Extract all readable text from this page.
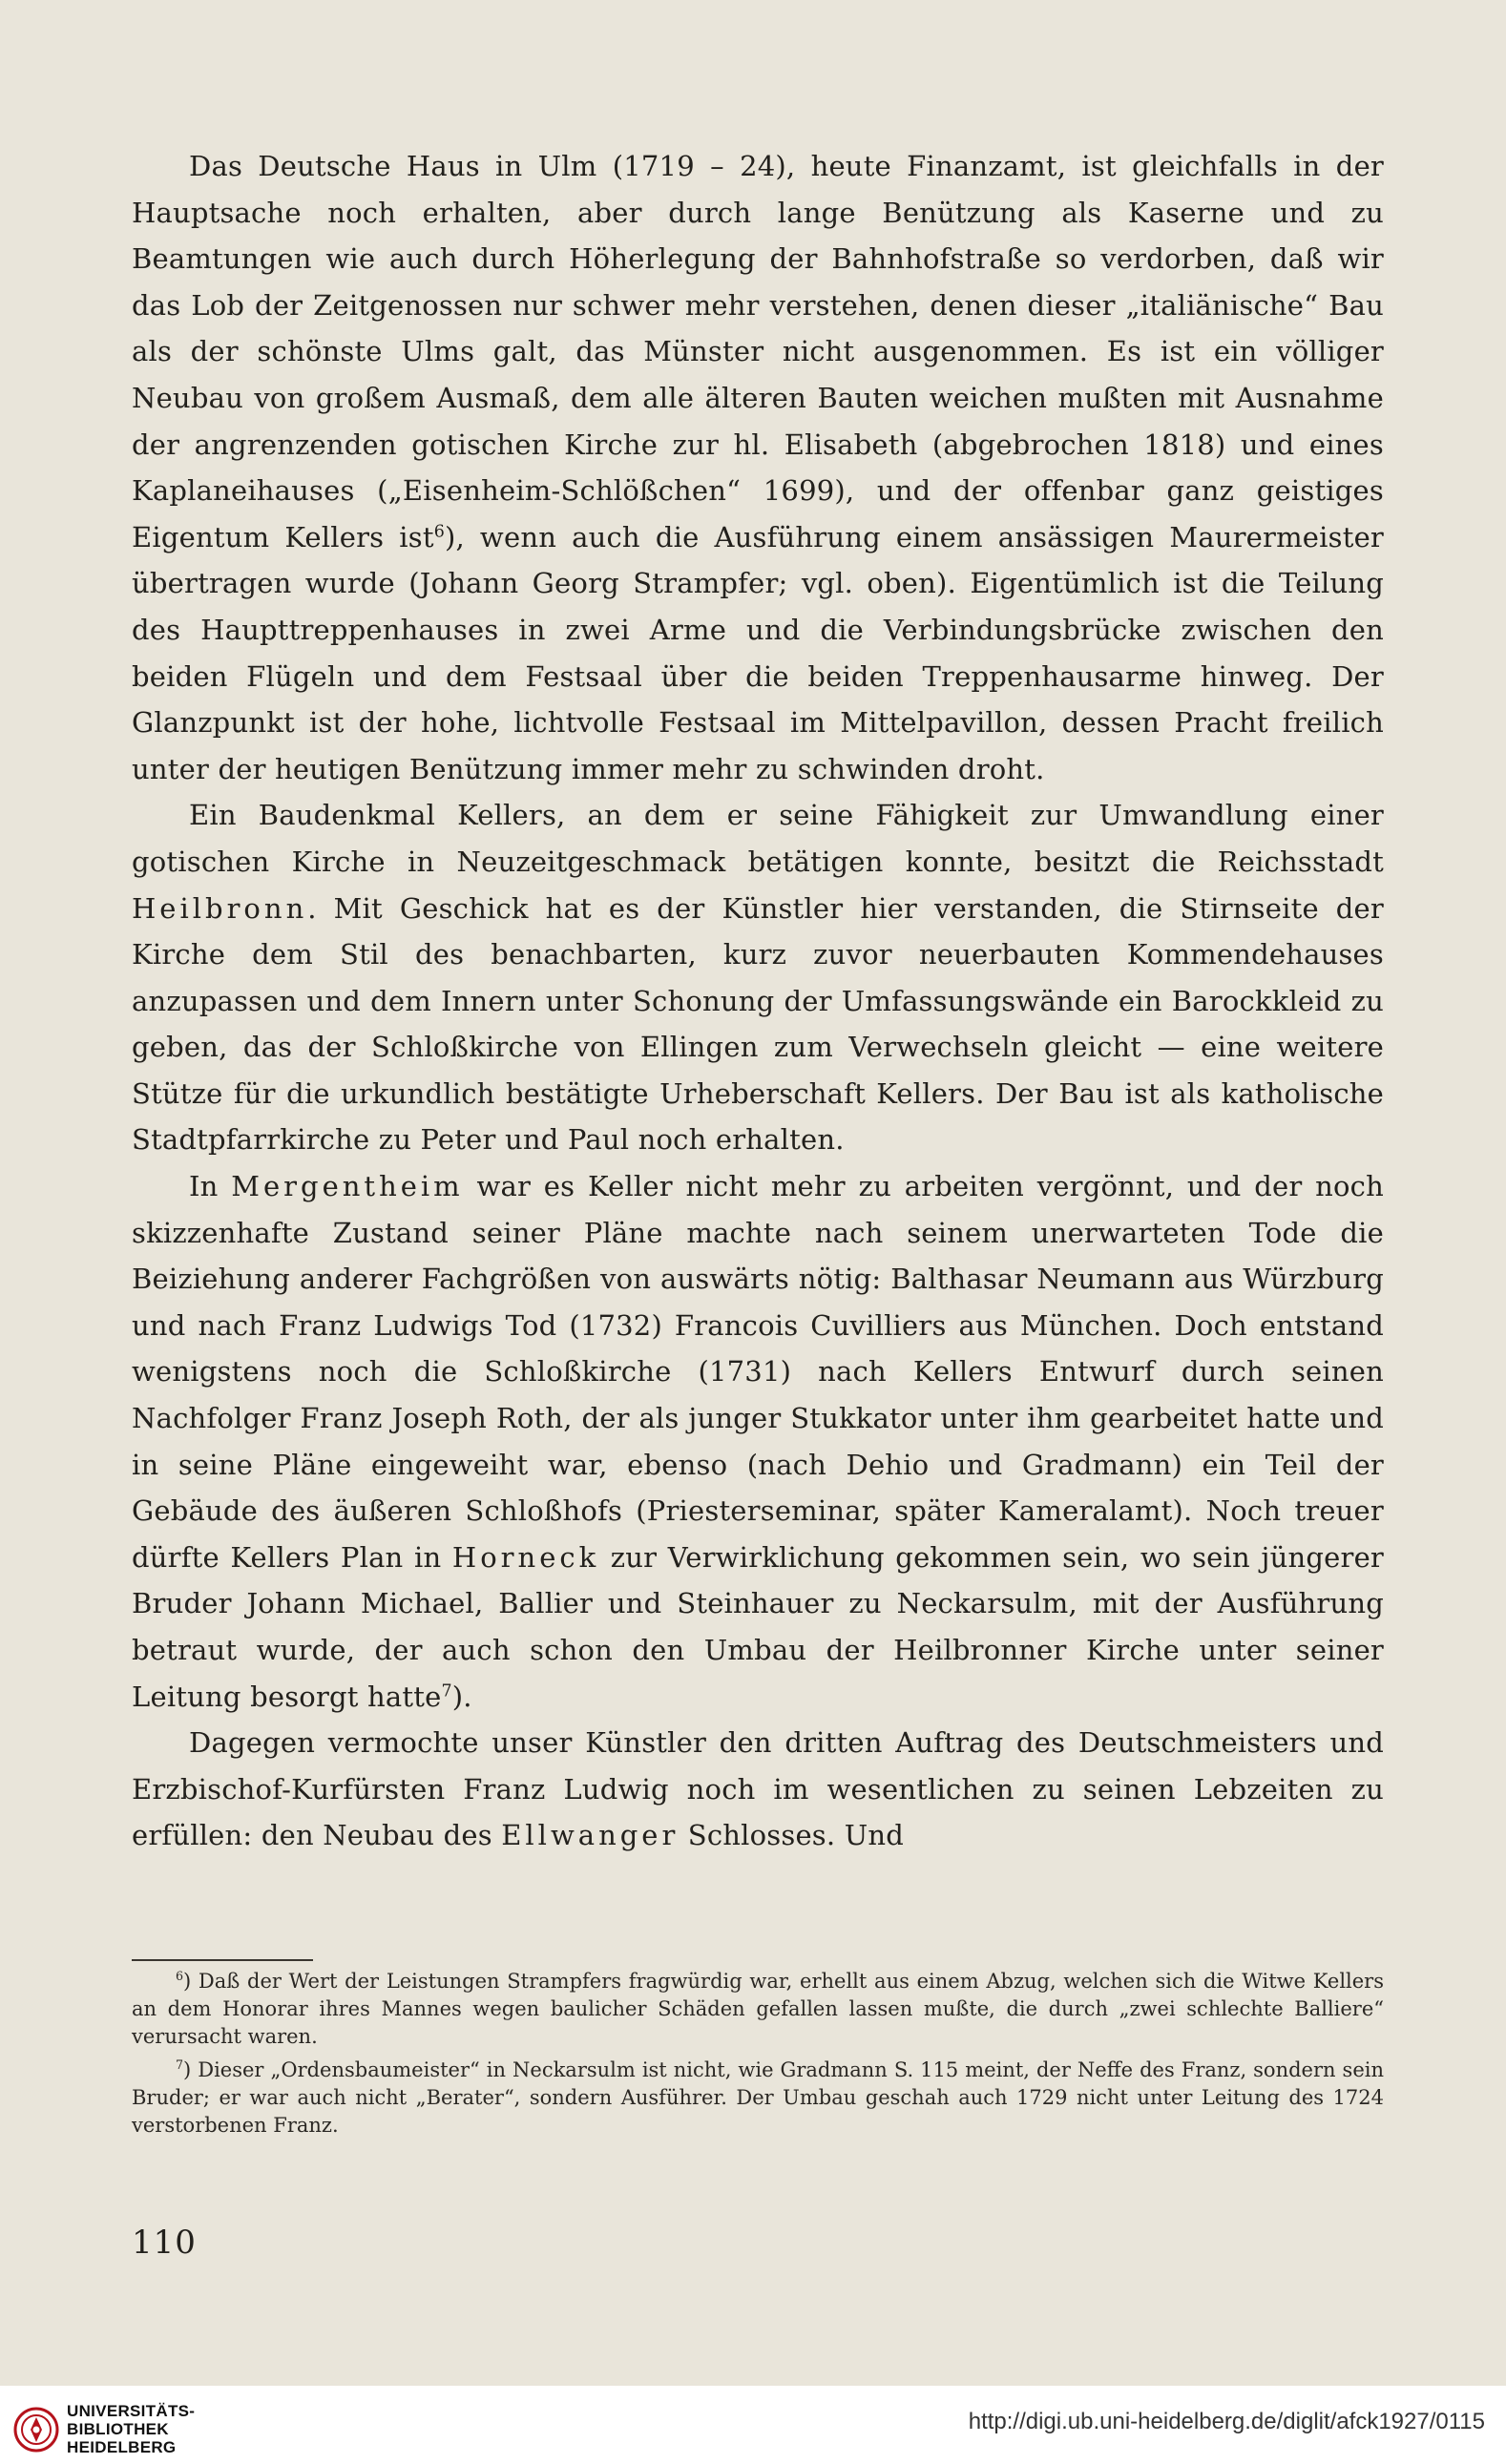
Das Deutsche Haus in Ulm (1719 – 24), heute Finanzamt, ist gleichfalls in der Hauptsache noch erhalten, aber durch lange Benützung als Kaserne und zu Beamtungen wie auch durch Höherlegung der Bahnhofstraße so verdorben, daß wir das Lob der Zeitgenossen nur schwer mehr verstehen, denen dieser „italiänische“ Bau als der schönste Ulms galt, das Münster nicht ausgenommen. Es ist ein völliger Neubau von großem Ausmaß, dem alle älteren Bauten weichen mußten mit Ausnahme der angrenzenden gotischen Kirche zur hl. Elisabeth (abgebrochen 1818) und eines Kaplaneihauses („Eisenheim-Schlößchen“ 1699), und der offenbar ganz geistiges Eigentum Kellers ist$^6$), wenn auch die Ausführung einem ansässigen Maurermeister übertragen wurde (Johann Georg Strampfer; vgl. oben). Eigentümlich ist die Teilung des Haupttreppenhauses in zwei Arme und die Verbindungsbrücke zwischen den beiden Flügeln und dem Festsaal über die beiden Treppenhausarme hinweg. Der Glanzpunkt ist der hohe, lichtvolle Festsaal im Mittelpavillon, dessen Pracht freilich unter der heutigen Benützung immer mehr zu schwinden droht.

Ein Baudenkmal Kellers, an dem er seine Fähigkeit zur Umwandlung einer gotischen Kirche in Neuzeitgeschmack betätigen konnte, besitzt die Reichsstadt Heilbronn. Mit Geschick hat es der Künstler hier verstanden, die Stirnseite der Kirche dem Stil des benachbarten, kurz zuvor neuerbauten Kommendehauses anzupassen und dem Innern unter Schonung der Umfassungswände ein Barockkleid zu geben, das der Schloßkirche von Ellingen zum Verwechseln gleicht — eine weitere Stütze für die urkundlich bestätigte Urheberschaft Kellers. Der Bau ist als katholische Stadtpfarrkirche zu Peter und Paul noch erhalten.

In Mergentheim war es Keller nicht mehr zu arbeiten vergönnt, und der noch skizzenhafte Zustand seiner Pläne machte nach seinem unerwarteten Tode die Beiziehung anderer Fachgrößen von auswärts nötig: Balthasar Neumann aus Würzburg und nach Franz Ludwigs Tod (1732) Francois Cuvilliers aus München. Doch entstand wenigstens noch die Schloßkirche (1731) nach Kellers Entwurf durch seinen Nachfolger Franz Joseph Roth, der als junger Stukkator unter ihm gearbeitet hatte und in seine Pläne eingeweiht war, ebenso (nach Dehio und Gradmann) ein Teil der Gebäude des äußeren Schloßhofs (Priesterseminar, später Kameralamt). Noch treuer dürfte Kellers Plan in Horneck zur Verwirklichung gekommen sein, wo sein jüngerer Bruder Johann Michael, Ballier und Steinhauer zu Neckarsulm, mit der Ausführung betraut wurde, der auch schon den Umbau der Heilbronner Kirche unter seiner Leitung besorgt hatte$^7$).

Dagegen vermochte unser Künstler den dritten Auftrag des Deutschmeisters und Erzbischof-Kurfürsten Franz Ludwig noch im wesentlichen zu seinen Lebzeiten zu erfüllen: den Neubau des Ellwanger Schlosses. Und

$^6$) Daß der Wert der Leistungen Strampfers fragwürdig war, erhellt aus einem Abzug, welchen sich die Witwe Kellers an dem Honorar ihres Mannes wegen baulicher Schäden gefallen lassen mußte, die durch „zwei schlechte Balliere“ verursacht waren.

$^7$) Dieser „Ordensbaumeister“ in Neckarsulm ist nicht, wie Gradmann S. 115 meint, der Neffe des Franz, sondern sein Bruder; er war auch nicht „Berater“, sondern Ausführer. Der Umbau geschah auch 1729 nicht unter Leitung des 1724 verstorbenen Franz.

110
UNIVERSITÄTS-
BIBLIOTHEK
HEIDELBERG
http://digi.ub.uni-heidelberg.de/diglit/afck1927/0115
